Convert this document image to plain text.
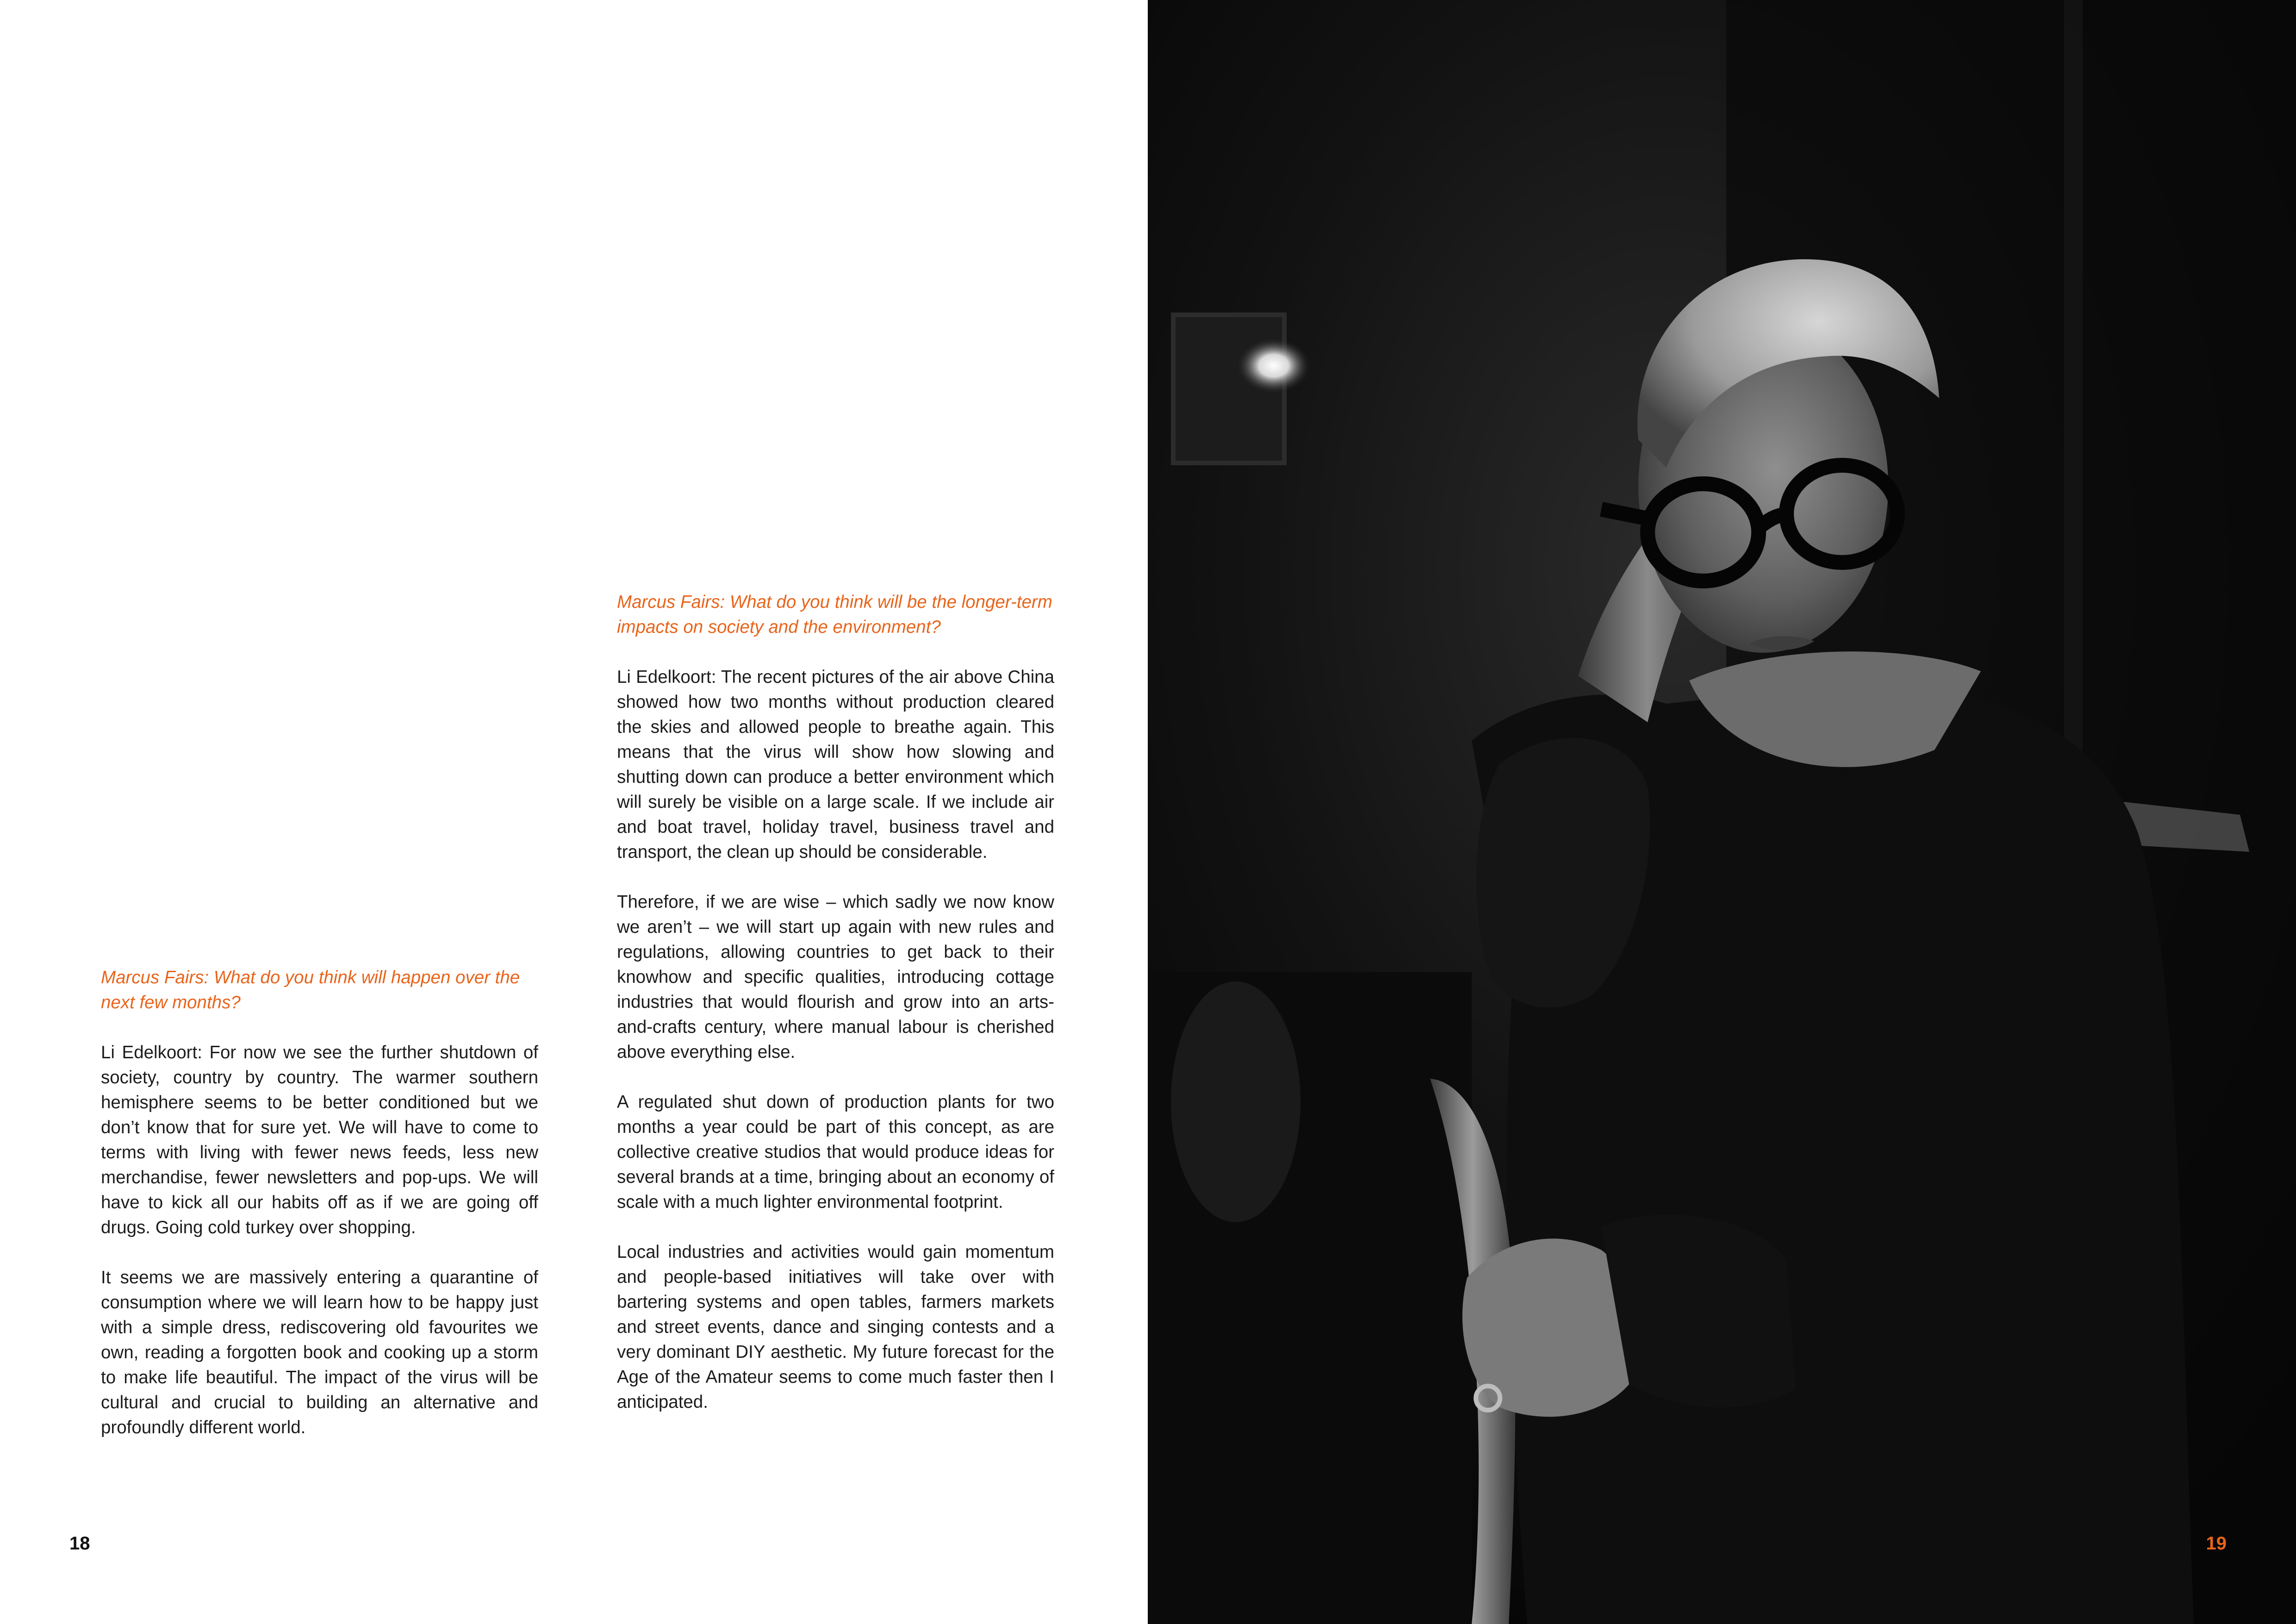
Marcus Fairs: What do you think will happen over the next few months?

Li Edelkoort: For now we see the further shutdown of society, country by country. The warmer southern hemisphere seems to be better conditioned but we don’t know that for sure yet. We will have to come to terms with living with fewer news feeds, less new merchandise, fewer newsletters and pop-ups. We will have to kick all our habits off as if we are going off drugs. Going cold turkey over shopping.

It seems we are massively entering a quarantine of consumption where we will learn how to be happy just with a simple dress, rediscovering old favourites we own, reading a forgotten book and cooking up a storm to make life beautiful. The impact of the virus will be cultural and crucial to building an alternative and profoundly different world.

Marcus Fairs: What do you think will be the longer-term impacts on society and the environment?

Li Edelkoort: The recent pictures of the air above China showed how two months without production cleared the skies and allowed people to breathe again. This means that the virus will show how slowing and shutting down can produce a better environment which will surely be visible on a large scale. If we include air and boat travel, holiday travel, business travel and transport, the clean up should be considerable.

Therefore, if we are wise – which sadly we now know we aren’t – we will start up again with new rules and regulations, allowing countries to get back to their knowhow and specific qualities, introducing cottage industries that would flourish and grow into an arts-and-crafts century, where manual labour is cherished above everything else.

A regulated shut down of production plants for two months a year could be part of this concept, as are collective creative studios that would produce ideas for several brands at a time, bringing about an economy of scale with a much lighter environmental footprint.

Local industries and activities would gain momentum and people-based initiatives will take over with bartering systems and open tables, farmers markets and street events, dance and singing contests and a very dominant DIY aesthetic. My future forecast for the Age of the Amateur seems to come much faster then I anticipated.

18	19
